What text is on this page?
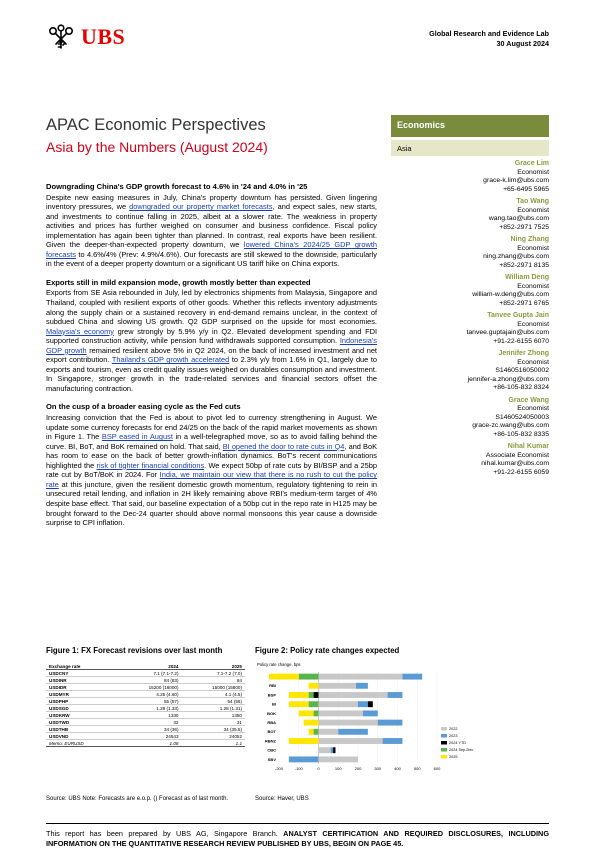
UBS	Global Research and Evidence Lab
30 August 2024
APAC Economic Perspectives
Asia by the Numbers (August 2024)
Economics
Asia
Grace Lim
Economist
grace-k.lim@ubs.com
+65-6495 5965
Tao Wang
Economist
wang.tao@ubs.com
+852-2971 7525
Ning Zhang
Economist
ning.zhang@ubs.com
+852-2971 8135
William Deng
Economist
william-w.deng@ubs.com
+852-2971 6765
Tanvee Gupta Jain
Economist
tanvee.guptajain@ubs.com
+91-22-6155 6070
Jennifer Zhong
Economist
S1460516050002
jennifer-a.zhong@ubs.com
+86-105-832 8324
Grace Wang
Economist
S1460524050003
grace-zc.wang@ubs.com
+86-105-832 8335
Nihal Kumar
Associate Economist
nihal.kumar@ubs.com
+91-22-6155 6059
Downgrading China's GDP growth forecast to 4.6% in '24 and 4.0% in '25

Despite new easing measures in July, China's property downturn has persisted. Given lingering inventory pressures, we downgraded our property market forecasts, and expect sales, new starts, and investments to continue falling in 2025, albeit at a slower rate. The weakness in property activities and prices has further weighed on consumer and business confidence. Fiscal policy implementation has again been tighter than planned. In contrast, real exports have been resilient. Given the deeper-than-expected property downturn, we lowered China's 2024/25 GDP growth forecasts to 4.6%/4% (Prev: 4.9%/4.6%). Our forecasts are still skewed to the downside, particularly in the event of a deeper property downturn or a significant US tariff hike on China exports.

Exports still in mild expansion mode, growth mostly better than expected

Exports from SE Asia rebounded in July, led by electronics shipments from Malaysia, Singapore and Thailand, coupled with resilient exports of other goods. Whether this reflects inventory adjustments along the supply chain or a sustained recovery in end-demand remains unclear, in the context of subdued China and slowing US growth. Q2 GDP surprised on the upside for most economies. Malaysia's economy grew strongly by 5.9% y/y in Q2. Elevated development spending and FDI supported construction activity, while pension fund withdrawals supported consumption. Indonesia's GDP growth remained resilient above 5% in Q2 2024, on the back of increased investment and net export contribution. Thailand's GDP growth accelerated to 2.3% y/y from 1.6% in Q1, largely due to exports and tourism, even as credit quality issues weighed on durables consumption and investment. In Singapore, stronger growth in the trade-related services and financial sectors offset the manufacturing contraction.

On the cusp of a broader easing cycle as the Fed cuts

Increasing conviction that the Fed is about to pivot led to currency strengthening in August. We update some currency forecasts for end 24/25 on the back of the rapid market movements as shown in Figure 1. The BSP eased in August in a well-telegraphed move, so as to avoid falling behind the curve. BI, BoT, and BoK remained on hold. That said, BI opened the door to rate cuts in Q4, and BoK has room to ease on the back of better growth-inflation dynamics. BoT's recent communications highlighted the risk of tighter financial conditions. We expect 50bp of rate cuts by BI/BSP and a 25bp rate cut by BoT/BoK in 2024. For India, we maintain our view that there is no rush to cut the policy rate at this juncture, given the resilient domestic growth momentum, regulatory tightening to rein in unsecured retail lending, and inflation in 2H likely remaining above RBI's medium-term target of 4% despite base effect. That said, our baseline expectation of a 50bp cut in the repo rate in H125 may be brought forward to the Dec-24 quarter should above normal monsoons this year cause a downside surprise to CPI inflation.

Figure 1: FX Forecast revisions over last month
Exchange rate	2024	2025
USDCNY	7.1 (7.1-7.2)	7.1-7.2 (7.0)
USDINR	84 (83)	84
USDIDR	15200 (16000)	15000 (15800)
USDMYR	4.25 (4.60)	4.1 (4.5)
USDPHP	55 (57)	54 (56)
USDSGD	1.29 (1.33)	1.28 (1.31)
USDKRW	1330	1350
USDTWD	32	31
USDTHB	34 (36)	34 (35.5)
USDVND	24543	24052
Memo: EURUSD	1.08	1.1
Source: UBS Note: Forecasts are e.o.p. () Forecast as of last month.
Figure 2: Policy rate changes expected
Policy rate change, bps
-200	-100	0	100	200	300	400	500	600
RBI
BSP
BI
BOK
RBA
BOT
RBNZ
CBC
SBV
2022
2023
2024 YTD
2024 Sep-Dec
2025
Source: Haver, UBS
This report has been prepared by UBS AG, Singapore Branch. ANALYST CERTIFICATION AND REQUIRED DISCLOSURES, INCLUDING INFORMATION ON THE QUANTITATIVE RESEARCH REVIEW PUBLISHED BY UBS, BEGIN ON PAGE 45.
